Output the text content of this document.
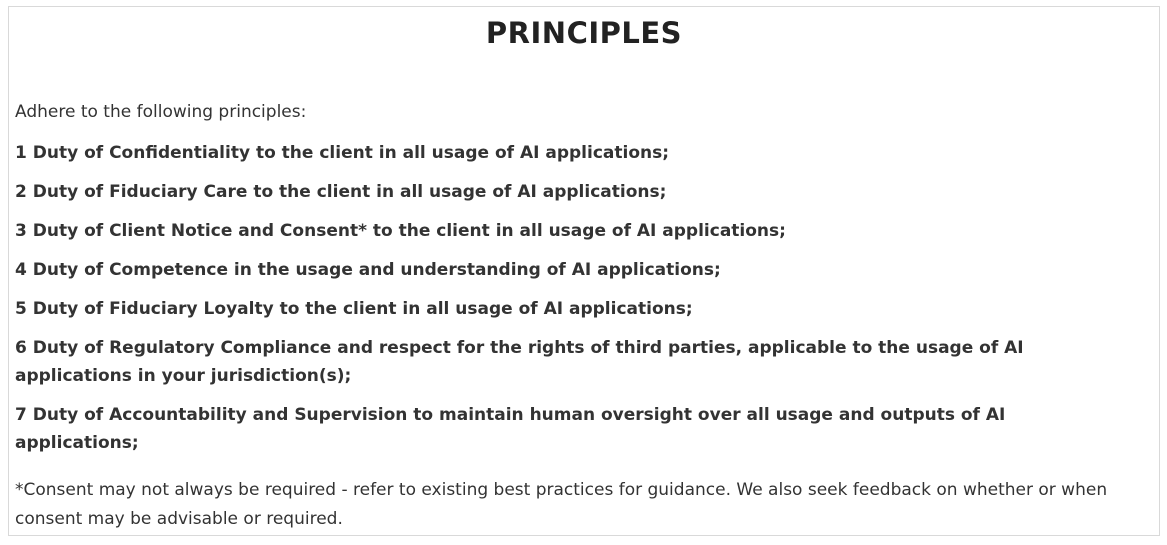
PRINCIPLES

Adhere to the following principles:

1 Duty of Confidentiality to the client in all usage of AI applications;
2 Duty of Fiduciary Care to the client in all usage of AI applications;
3 Duty of Client Notice and Consent* to the client in all usage of AI applications;
4 Duty of Competence in the usage and understanding of AI applications;
5 Duty of Fiduciary Loyalty to the client in all usage of AI applications;
6 Duty of Regulatory Compliance and respect for the rights of third parties, applicable to the usage of AI applications in your jurisdiction(s);
7 Duty of Accountability and Supervision to maintain human oversight over all usage and outputs of AI applications;

*Consent may not always be required - refer to existing best practices for guidance. We also seek feedback on whether or when consent may be advisable or required.
